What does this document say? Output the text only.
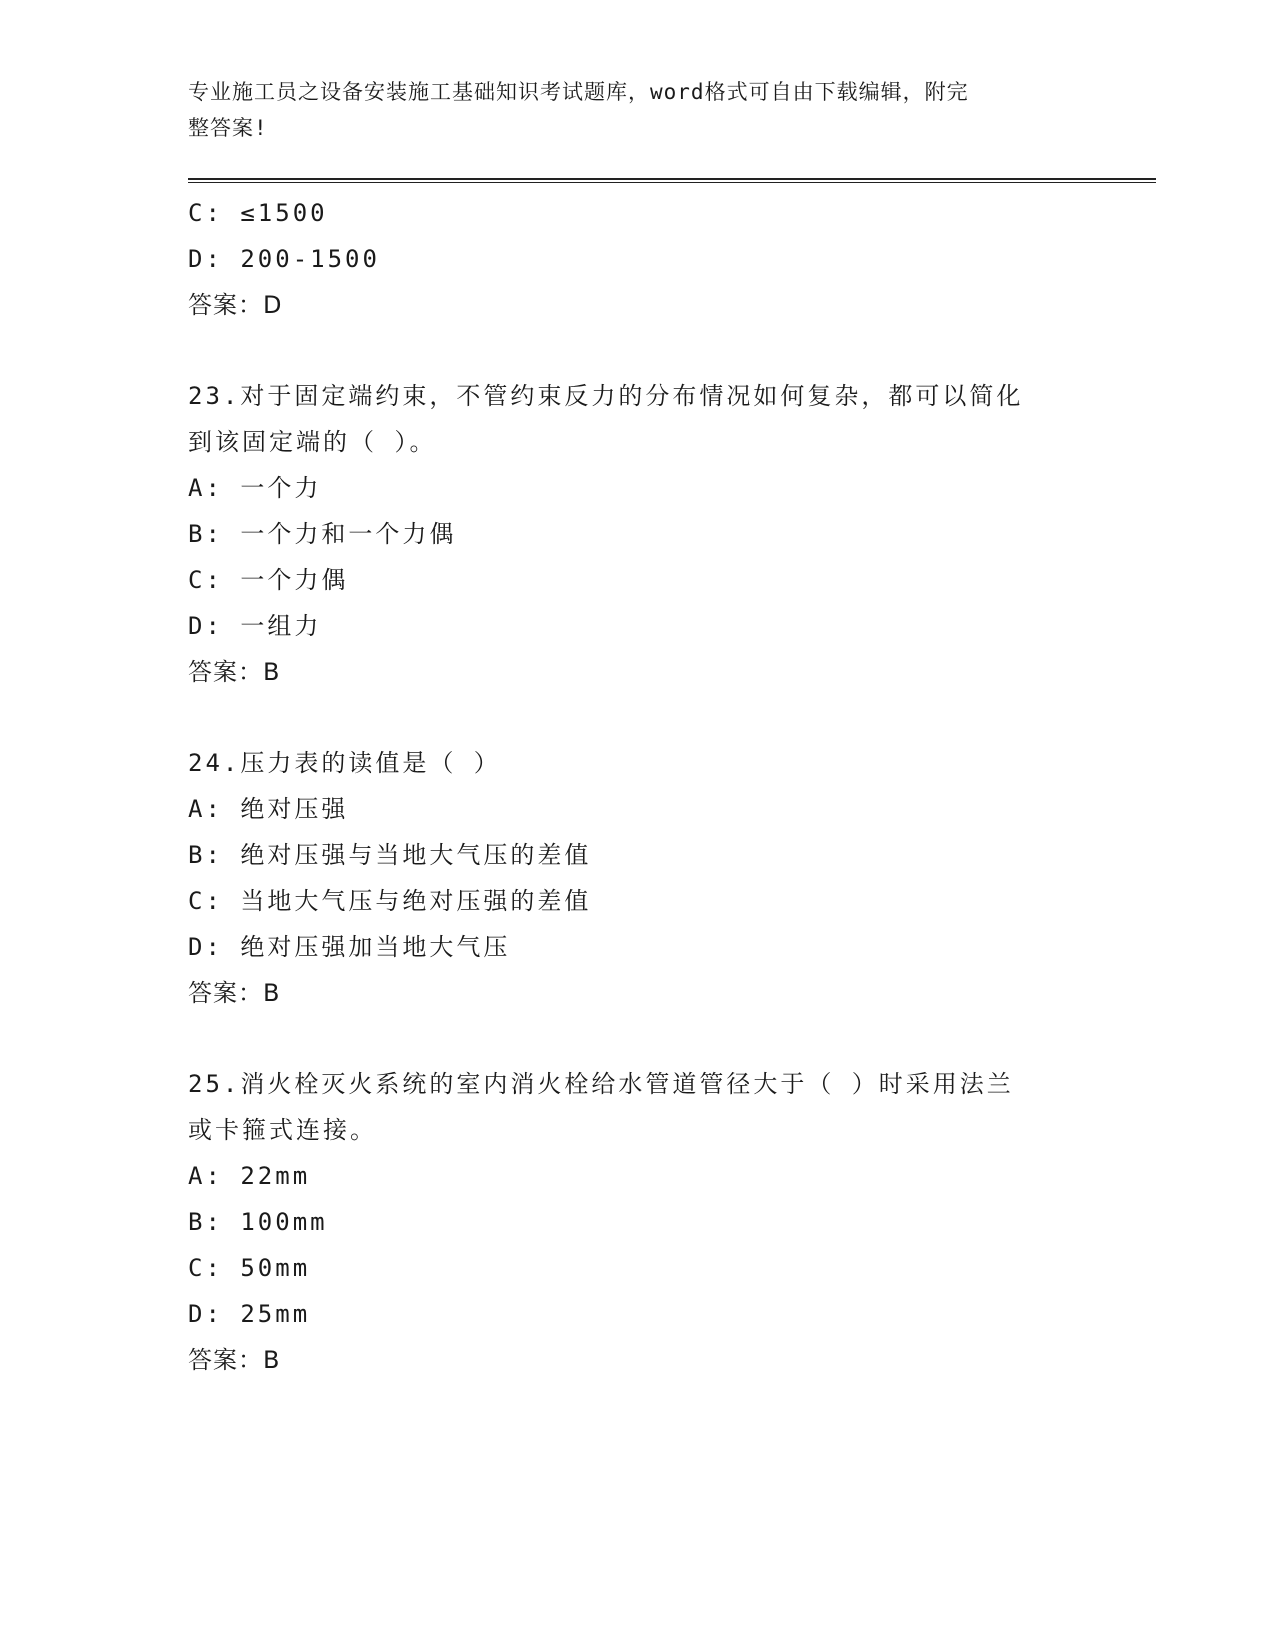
专业施工员之设备安装施工基础知识考试题库，word格式可自由下载编辑，附完
整答案!
C: ≤1500
D: 200-1500
答案：D
23.对于固定端约束，不管约束反力的分布情况如何复杂，都可以简化
到该固定端的（ ）。
A: 一个力
B: 一个力和一个力偶
C: 一个力偶
D: 一组力
答案：B
24.压力表的读值是（ ）
A: 绝对压强
B: 绝对压强与当地大气压的差值
C: 当地大气压与绝对压强的差值
D: 绝对压强加当地大气压
答案：B
25.消火栓灭火系统的室内消火栓给水管道管径大于（ ）时采用法兰
或卡箍式连接。
A: 22mm
B: 100mm
C: 50mm
D: 25mm
答案：B
